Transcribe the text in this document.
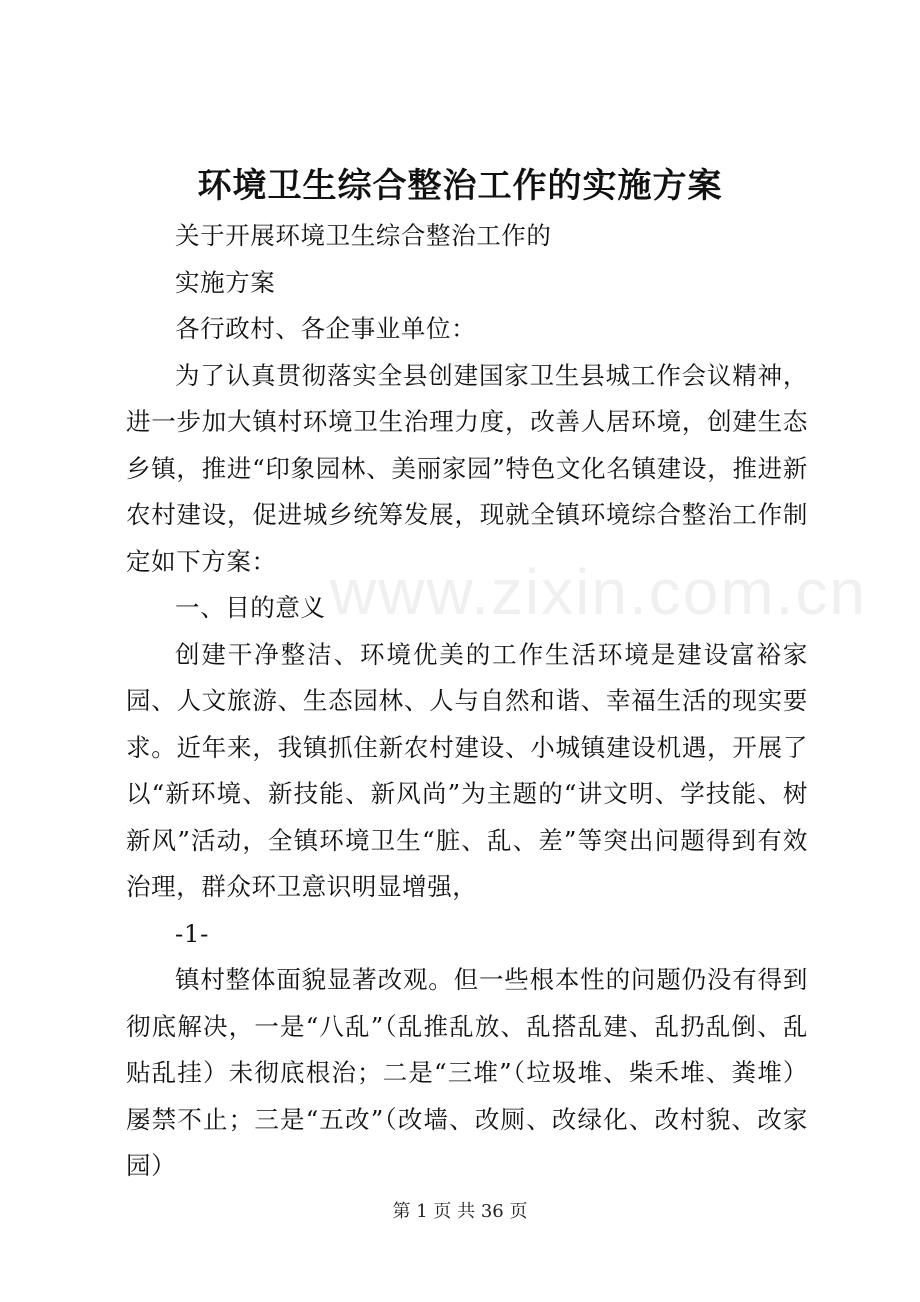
环境卫生综合整治工作的实施方案
www.zixin.com.cn

关于开展环境卫生综合整治工作的

实施方案

各行政村、各企事业单位：

为了认真贯彻落实全县创建国家卫生县城工作会议精神，进一步加大镇村环境卫生治理力度，改善人居环境，创建生态乡镇，推进“印象园林、美丽家园”特色文化名镇建设，推进新农村建设，促进城乡统筹发展，现就全镇环境综合整治工作制定如下方案：

一、目的意义

创建干净整洁、环境优美的工作生活环境是建设富裕家园、人文旅游、生态园林、人与自然和谐、幸福生活的现实要求。近年来，我镇抓住新农村建设、小城镇建设机遇，开展了以“新环境、新技能、新风尚”为主题的“讲文明、学技能、树新风”活动，全镇环境卫生“脏、乱、差”等突出问题得到有效治理，群众环卫意识明显增强，

-1-

镇村整体面貌显著改观。但一些根本性的问题仍没有得到彻底解决，一是“八乱”（乱推乱放、乱搭乱建、乱扔乱倒、乱贴乱挂）未彻底根治；二是“三堆”（垃圾堆、柴禾堆、粪堆）屡禁不止；三是“五改”（改墙、改厕、改绿化、改村貌、改家园）

第 1 页 共 36 页
